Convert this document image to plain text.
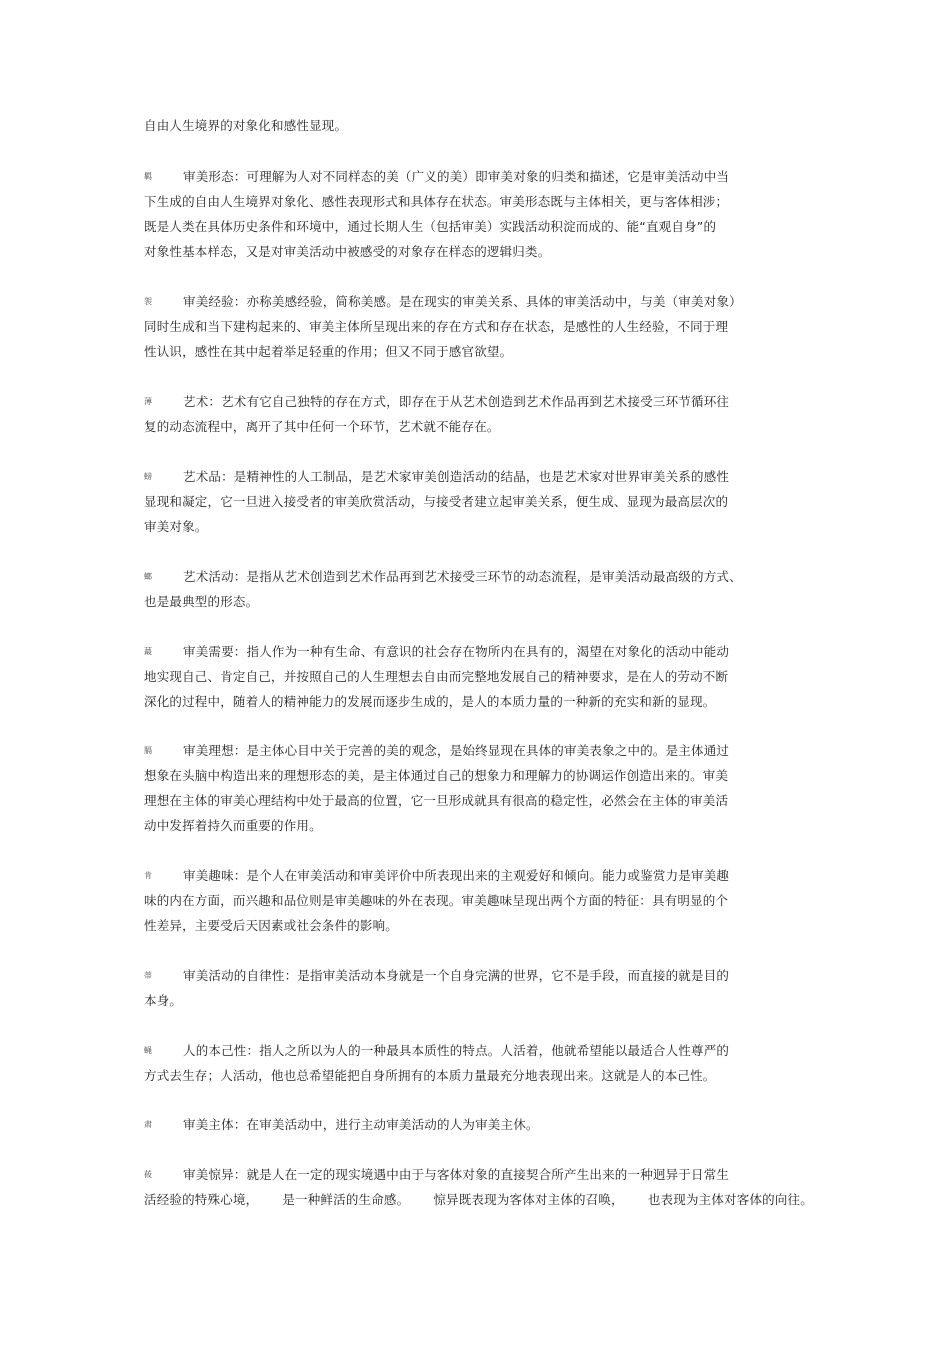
自由人生境界的对象化和感性显现。
羁 审美形态：可理解为人对不同样态的美（广义的美）即审美对象的归类和描述，它是审美活动中当
下生成的自由人生境界对象化、感性表现形式和具体存在状态。审美形态既与主体相关，更与客体相涉；
既是人类在具体历史条件和环境中，通过长期人生（包括审美）实践活动积淀而成的、能“直观自身”的
对象性基本样态，又是对审美活动中被感受的对象存在样态的逻辑归类。
袈 审美经验：亦称美感经验，简称美感。是在现实的审美关系、具体的审美活动中，与美（审美对象）
同时生成和当下建构起来的、审美主体所呈现出来的存在方式和存在状态，是感性的人生经验，不同于理
性认识，感性在其中起着举足轻重的作用；但又不同于感官欲望。
薄 艺术：艺术有它自己独特的存在方式，即存在于从艺术创造到艺术作品再到艺术接受三环节循环往
复的动态流程中，离开了其中任何一个环节，艺术就不能存在。
螃 艺术品：是精神性的人工制品，是艺术家审美创造活动的结晶，也是艺术家对世界审美关系的感性
显现和凝定，它一旦进入接受者的审美欣赏活动，与接受者建立起审美关系，便生成、显现为最高层次的
审美对象。
螂 艺术活动：是指从艺术创造到艺术作品再到艺术接受三环节的动态流程，是审美活动最高级的方式、
也是最典型的形态。
蕞 审美需要：指人作为一种有生命、有意识的社会存在物所内在具有的，渴望在对象化的活动中能动
地实现自己、肯定自己，并按照自己的人生理想去自由而完整地发展自己的精神要求，是在人的劳动不断
深化的过程中，随着人的精神能力的发展而逐步生成的，是人的本质力量的一种新的充实和新的显现。
膈 审美理想：是主体心目中关于完善的美的观念，是始终显现在具体的审美表象之中的。是主体通过
想象在头脑中构造出来的理想形态的美，是主体通过自己的想象力和理解力的协调运作创造出来的。审美
理想在主体的审美心理结构中处于最高的位置，它一旦形成就具有很高的稳定性，必然会在主体的审美活
动中发挥着持久而重要的作用。
肯 审美趣味：是个人在审美活动和审美评价中所表现出来的主观爱好和倾向。能力或鉴赏力是审美趣
味的内在方面，而兴趣和品位则是审美趣味的外在表现。审美趣味呈现出两个方面的特征：具有明显的个
性差异，主要受后天因素或社会条件的影响。
蒂 审美活动的自律性：是指审美活动本身就是一个自身完满的世界，它不是手段，而直接的就是目的
本身。
蝇 人的本己性：指人之所以为人的一种最具本质性的特点。人活着，他就希望能以最适合人性尊严的
方式去生存；人活动，他也总希望能把自身所拥有的本质力量最充分地表现出来。这就是人的本己性。
肃 审美主体：在审美活动中，进行主动审美活动的人为审美主休。
莜 审美惊异：就是人在一定的现实境遇中由于与客体对象的直接契合所产生出来的一种迥异于日常生
活经验的特殊心境， 是一种鲜活的生命感。 惊异既表现为客体对主体的召唤， 也表现为主体对客体的向往。
